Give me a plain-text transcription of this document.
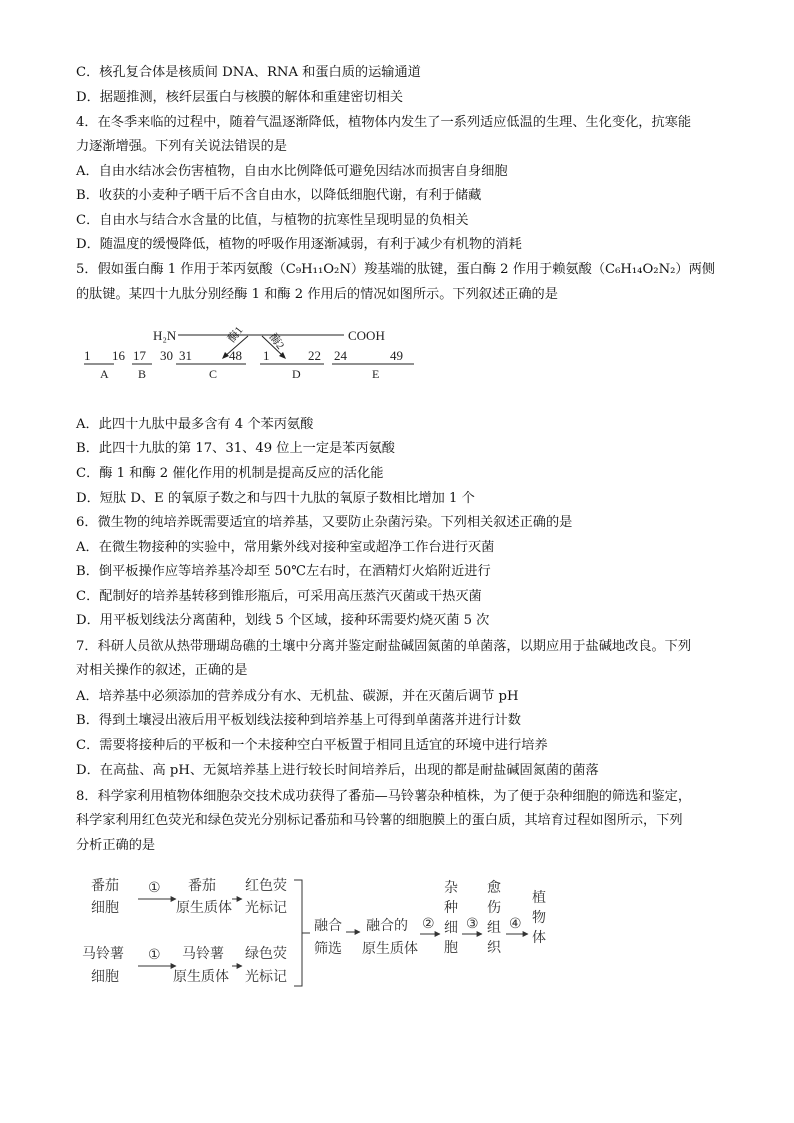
C．核孔复合体是核质间 DNA、RNA 和蛋白质的运输通道
D．据题推测，核纤层蛋白与核膜的解体和重建密切相关
4．在冬季来临的过程中，随着气温逐渐降低，植物体内发生了一系列适应低温的生理、生化变化，抗寒能
力逐渐增强。下列有关说法错误的是
A．自由水结冰会伤害植物，自由水比例降低可避免因结冰而损害自身细胞
B．收获的小麦种子晒干后不含自由水，以降低细胞代谢，有利于储藏
C．自由水与结合水含量的比值，与植物的抗寒性呈现明显的负相关
D．随温度的缓慢降低，植物的呼吸作用逐渐减弱，有利于减少有机物的消耗
5．假如蛋白酶 1 作用于苯丙氨酸（C₉H₁₁O₂N）羧基端的肽键，蛋白酶 2 作用于赖氨酸（C₆H₁₄O₂N₂）两侧
的肽键。某四十九肽分别经酶 1 和酶 2 作用后的情况如图所示。下列叙述正确的是
A．此四十九肽中最多含有 4 个苯丙氨酸
B．此四十九肽的第 17、31、49 位上一定是苯丙氨酸
C．酶 1 和酶 2 催化作用的机制是提高反应的活化能
D．短肽 D、E 的氧原子数之和与四十九肽的氧原子数相比增加 1 个
6．微生物的纯培养既需要适宜的培养基，又要防止杂菌污染。下列相关叙述正确的是
A．在微生物接种的实验中，常用紫外线对接种室或超净工作台进行灭菌
B．倒平板操作应等培养基冷却至 50℃左右时，在酒精灯火焰附近进行
C．配制好的培养基转移到锥形瓶后，可采用高压蒸汽灭菌或干热灭菌
D．用平板划线法分离菌种，划线 5 个区域，接种环需要灼烧灭菌 5 次
7．科研人员欲从热带珊瑚岛礁的土壤中分离并鉴定耐盐碱固氮菌的单菌落，以期应用于盐碱地改良。下列
对相关操作的叙述，正确的是
A．培养基中必须添加的营养成分有水、无机盐、碳源，并在灭菌后调节 pH
B．得到土壤浸出液后用平板划线法接种到培养基上可得到单菌落并进行计数
C．需要将接种后的平板和一个未接种空白平板置于相同且适宜的环境中进行培养
D．在高盐、高 pH、无氮培养基上进行较长时间培养后，出现的都是耐盐碱固氮菌的菌落
8．科学家利用植物体细胞杂交技术成功获得了番茄—马铃薯杂种植株，为了便于杂种细胞的筛选和鉴定，
科学家利用红色荧光和绿色荧光分别标记番茄和马铃薯的细胞膜上的蛋白质，其培育过程如图所示，下列
分析正确的是
H₂N	COOH
酶1 酶2
1 16 17 30 31	48 1	22 24	49
A B	C	D	E
番茄
细胞
① 番茄
原生质体
红色荧
光标记
马铃薯
细胞
① 马铃薯
原生质体
绿色荧
光标记
融合
筛选
融合的
原生质体
②
杂
种
细
胞
③
愈
伤
组
织
④
植
物
体
